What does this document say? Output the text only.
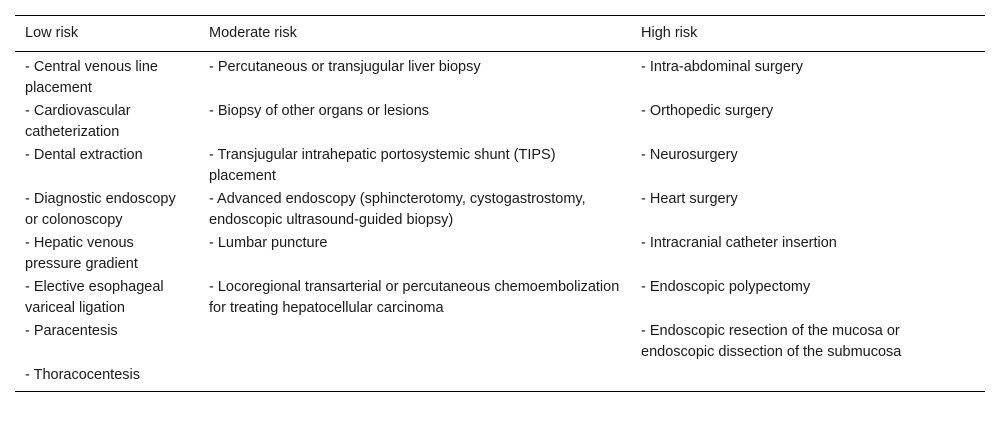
Low risk	Moderate risk	High risk
- Central venous line placement	- Percutaneous or transjugular liver biopsy	- Intra-abdominal surgery
- Cardiovascular catheterization	- Biopsy of other organs or lesions	- Orthopedic surgery
- Dental extraction	- Transjugular intrahepatic portosystemic shunt (TIPS) placement	- Neurosurgery
- Diagnostic endoscopy or colonoscopy	- Advanced endoscopy (sphincterotomy, cystogastrostomy, endoscopic ultrasound-guided biopsy)	- Heart surgery
- Hepatic venous pressure gradient	- Lumbar puncture	- Intracranial catheter insertion
- Elective esophageal variceal ligation	- Locoregional transarterial or percutaneous chemoembolization for treating hepatocellular carcinoma	- Endoscopic polypectomy
- Paracentesis		- Endoscopic resection of the mucosa or endoscopic dissection of the submucosa
- Thoracocentesis		
